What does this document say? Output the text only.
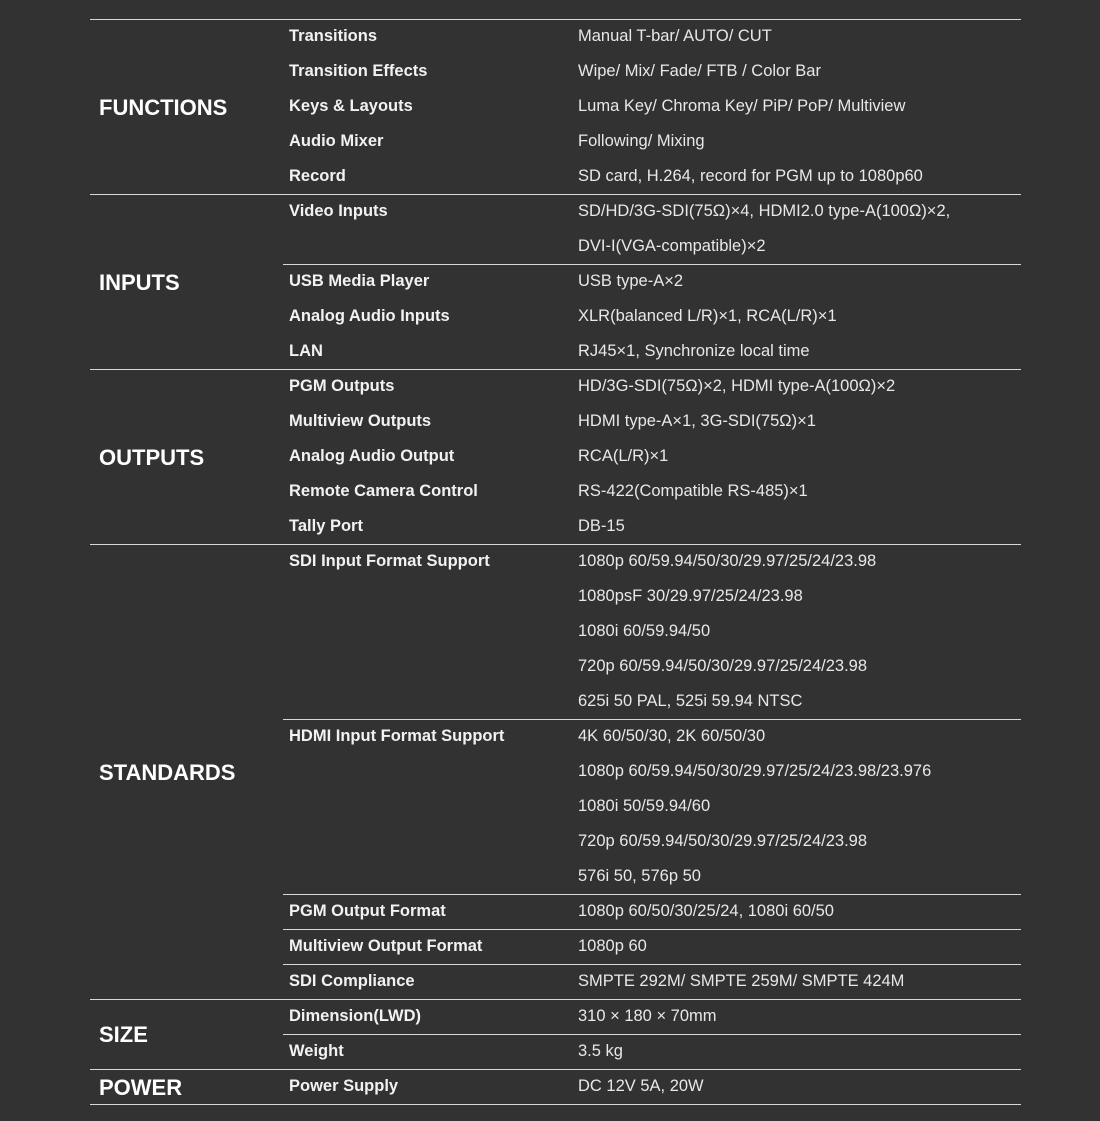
Transitions	Manual T-bar/ AUTO/ CUT
Transition Effects	Wipe/ Mix/ Fade/ FTB / Color Bar
Keys & Layouts	Luma Key/ Chroma Key/ PiP/ PoP/ Multiview
Audio Mixer	Following/ Mixing
Record	SD card, H.264, record for PGM up to 1080p60
FUNCTIONS
Video Inputs	SD/HD/3G-SDI(75Ω)×4, HDMI2.0 type-A(100Ω)×2,
DVI-I(VGA-compatible)×2
USB Media Player	USB type-A×2
Analog Audio Inputs	XLR(balanced L/R)×1, RCA(L/R)×1
LAN	RJ45×1, Synchronize local time
INPUTS
PGM Outputs	HD/3G-SDI(75Ω)×2, HDMI type-A(100Ω)×2
Multiview Outputs	HDMI type-A×1, 3G-SDI(75Ω)×1
Analog Audio Output	RCA(L/R)×1
Remote Camera Control	RS-422(Compatible RS-485)×1
Tally Port	DB-15
OUTPUTS
SDI Input Format Support	1080p 60/59.94/50/30/29.97/25/24/23.98
1080psF 30/29.97/25/24/23.98
1080i 60/59.94/50
720p 60/59.94/50/30/29.97/25/24/23.98
625i 50 PAL, 525i 59.94 NTSC
HDMI Input Format Support	4K 60/50/30, 2K 60/50/30
1080p 60/59.94/50/30/29.97/25/24/23.98/23.976
1080i 50/59.94/60
720p 60/59.94/50/30/29.97/25/24/23.98
576i 50, 576p 50
PGM Output Format	1080p 60/50/30/25/24, 1080i 60/50
Multiview Output Format	1080p 60
SDI Compliance	SMPTE 292M/ SMPTE 259M/ SMPTE 424M
STANDARDS
Dimension(LWD)	310 × 180 × 70mm
Weight	3.5 kg
SIZE
Power Supply	DC 12V 5A, 20W
POWER
